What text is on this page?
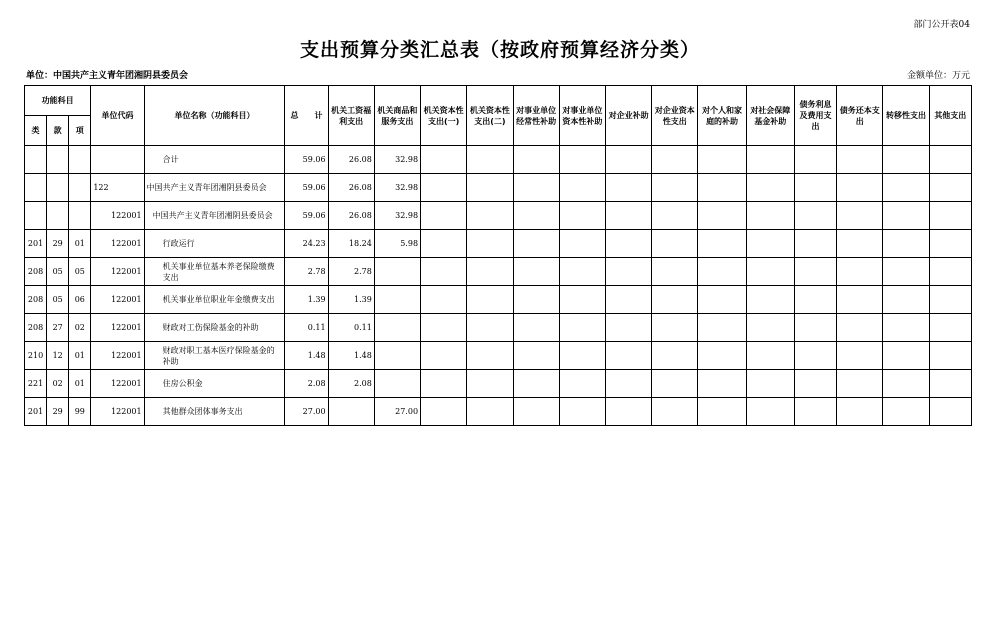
部门公开表04
支出预算分类汇总表（按政府预算经济分类）
单位：中国共产主义青年团湘阴县委员会	金额单位：万元
功能科目			单位代码	单位名称（功能科目）	总　　计	机关工资福利支出	机关商品和服务支出	机关资本性支出(一)	机关资本性支出(二)	对事业单位经常性补助	对事业单位资本性补助	对企业补助	对企业资本性支出	对个人和家庭的补助	对社会保障基金补助	债务利息及费用支出	债务还本支出	转移性支出	其他支出
类	款	项																	
				合计	59.06	26.08	32.98												
			122	中国共产主义青年团湘阴县委员会	59.06	26.08	32.98												
			122001	中国共产主义青年团湘阴县委员会	59.06	26.08	32.98												
201	29	01	122001	行政运行	24.23	18.24	5.98												
208	05	05	122001	机关事业单位基本养老保险缴费支出	2.78	2.78													
208	05	06	122001	机关事业单位职业年金缴费支出	1.39	1.39													
208	27	02	122001	财政对工伤保险基金的补助	0.11	0.11													
210	12	01	122001	财政对职工基本医疗保险基金的补助	1.48	1.48													
221	02	01	122001	住房公积金	2.08	2.08													
201	29	99	122001	其他群众团体事务支出	27.00		27.00												
